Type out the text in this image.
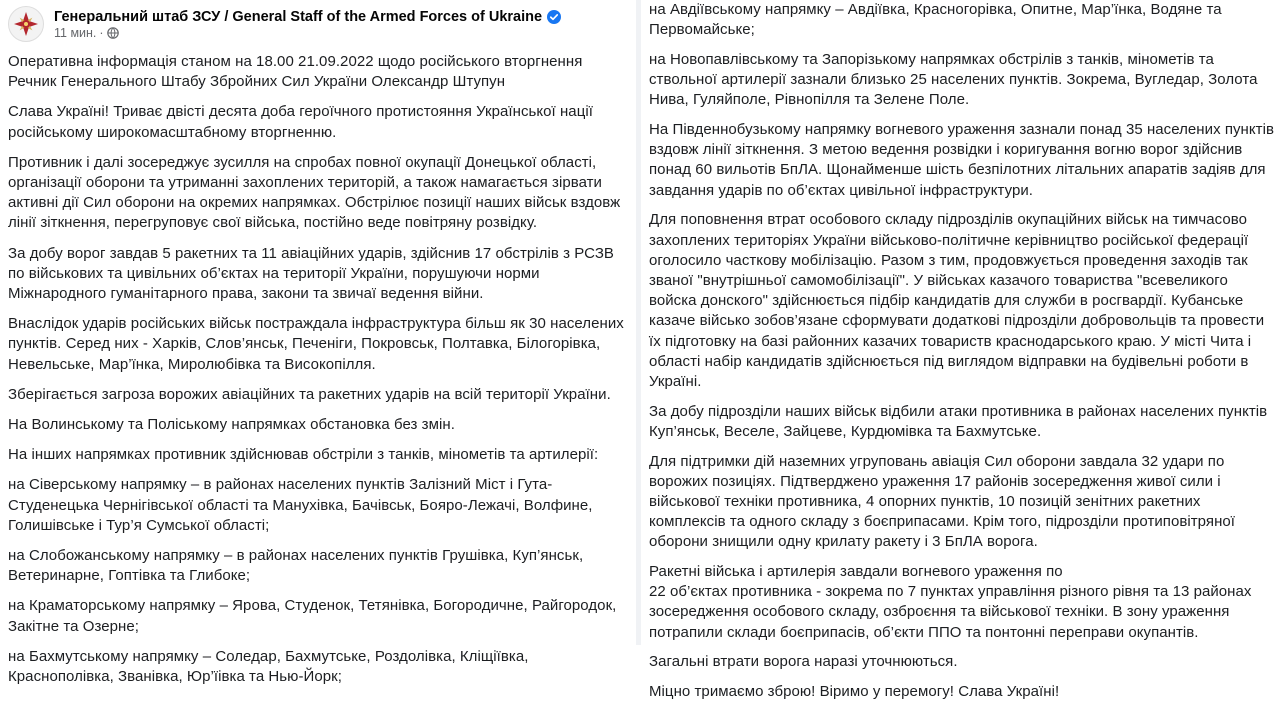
Генеральний штаб ЗСУ / General Staff of the Armed Forces of Ukraine
11 мин. ·

Оперативна інформація станом на 18.00 21.09.2022 щодо російського вторгнення
Речник Генерального Штабу Збройних Сил України Олександр Штупун

Слава Україні! Триває двісті десята доба героїчного протистояння Української нації російському широкомасштабному вторгненню.

Противник і далі зосереджує зусилля на спробах повної окупації Донецької області, організації оборони та утриманні захоплених територій, а також намагається зірвати активні дії Сил оборони на окремих напрямках. Обстрілює позиції наших військ вздовж лінії зіткнення, перегруповує свої війська, постійно веде повітряну розвідку.

За добу ворог завдав 5 ракетних та 11 авіаційних ударів, здійснив 17 обстрілів з РСЗВ по військових та цивільних об’єктах на території України, порушуючи норми Міжнародного гуманітарного права, закони та звичаї ведення війни.

Внаслідок ударів російських військ постраждала інфраструктура більш як 30 населених пунктів. Серед них - Харків, Слов’янськ, Печеніги, Покровськ, Полтавка, Білогорівка, Невельське, Мар’їнка, Миролюбівка та Високопілля.

Зберігається загроза ворожих авіаційних та ракетних ударів на всій території України.

На Волинському та Поліському напрямках обстановка без змін.

На інших напрямках противник здійснював обстріли з танків, мінометів та артилерії:

на Сіверському напрямку – в районах населених пунктів Залізний Міст і Гута-Студенецька Чернігівської області та Манухівка, Бачівськ, Бояро-Лежачі, Волфине, Голишівське і Тур’я Сумської області;

на Слобожанському напрямку – в районах населених пунктів Грушівка, Куп’янськ, Ветеринарне, Гоптівка та Глибоке;

на Краматорському напрямку – Ярова, Студенок, Тетянівка, Богородичне, Райгородок, Закітне та Озерне;

на Бахмутському напрямку – Соледар, Бахмутське, Роздолівка, Кліщіївка, Краснополівка, Званівка, Юр’їівка та Нью-Йорк;

на Авдіївському напрямку – Авдіївка, Красногорівка, Опитне, Мар’їнка, Водяне та Первомайське;

на Новопавлівському та Запорізькому напрямках обстрілів з танків, мінометів та ствольної артилерії зазнали близько 25 населених пунктів. Зокрема, Вугледар, Золота Нива, Гуляйполе, Рівнопілля та Зелене Поле.

На Південнобузькому напрямку вогневого ураження зазнали понад 35 населених пунктів вздовж лінії зіткнення. З метою ведення розвідки і коригування вогню ворог здійснив понад 60 вильотів БпЛА. Щонайменше шість безпілотних літальних апаратів задіяв для завдання ударів по об’єктах цивільної інфраструктури.

Для поповнення втрат особового складу підрозділів окупаційних військ на тимчасово захоплених територіях України військово-політичне керівництво російської федерації оголосило часткову мобілізацію. Разом з тим, продовжується проведення заходів так званої "внутрішньої самомобілізації". У військах казачого товариства "всевеликого войска донского" здійснюється підбір кандидатів для служби в росгвардії. Кубанське казаче військо зобов’язане сформувати додаткові підрозділи добровольців та провести їх підготовку на базі районних казачих товариств краснодарського краю. У місті Чита і області набір кандидатів здійснюється під виглядом відправки на будівельні роботи в Україні.

За добу підрозділи наших військ відбили атаки противника в районах населених пунктів Куп’янськ, Веселе, Зайцеве, Курдюмівка та Бахмутське.

Для підтримки дій наземних угруповань авіація Сил оборони завдала 32 удари по ворожих позиціях. Підтверджено ураження 17 районів зосередження живої сили і військової техніки противника, 4 опорних пунктів, 10 позицій зенітних ракетних комплексів та одного складу з боєприпасами. Крім того, підрозділи протиповітряної оборони знищили одну крилату ракету і 3 БпЛА ворога.

Ракетні війська і артилерія завдали вогневого ураження по
22 об’єктах противника - зокрема по 7 пунктах управління різного рівня та 13 районах зосередження особового складу, озброєння та військової техніки. В зону ураження потрапили склади боєприпасів, об’єкти ППО та понтонні переправи окупантів.

Загальні втрати ворога наразі уточнюються.

Міцно тримаємо зброю! Віримо у перемогу! Слава Україні!
